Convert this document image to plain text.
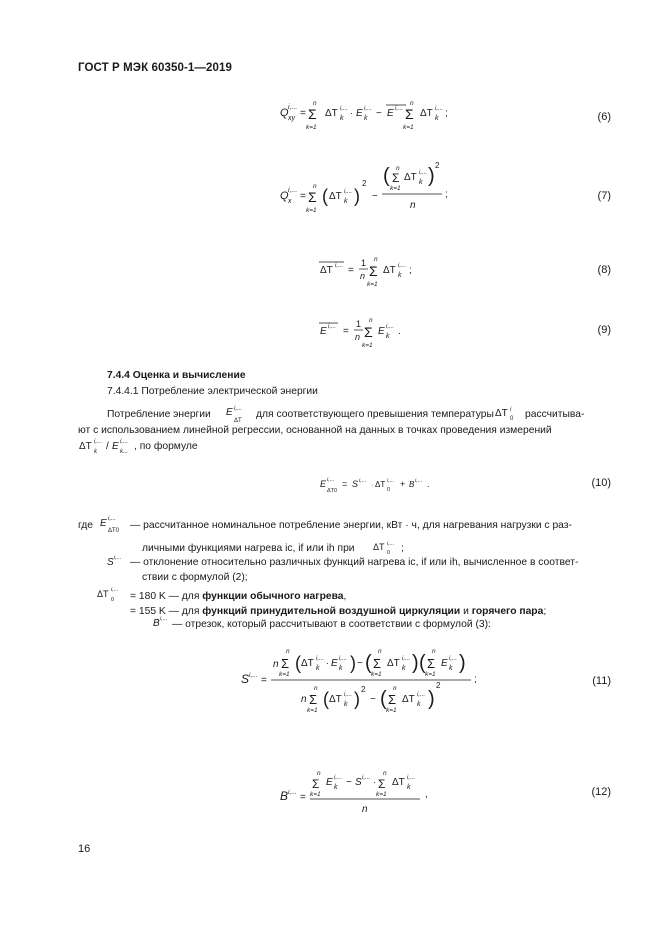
ГОСТ Р МЭК 60350-1—2019
Q xy
i,...
=
n
Σ
k=1
ΔT k
i,... · E k
i,... − E i,...
n
Σ
k=1
ΔT k
i,... ;	(6)
Q x
i,...
=
n
Σ
k=1
( ΔT k
i,... )
2
−
( n
Σ
k=1
ΔT k
i,... ) 2
n
;	(7)
ΔT i,... =
1
n
n
Σ
k=1
ΔT k
i,... ;	(8)
E i,... =
1
n
n
Σ
k=1
E k
i,... .	(9)
7.4.4 Оценка и вычисление
7.4.4.1 Потребление электрической энергии
Потребление энергии E i,...
ΔT
для соответствующего превышения температуры ΔT 0
i рассчитыва-
ют с использованием линейной регрессии, основанной на данных в точках проведения измерений
ΔT k
i,... / E k...
i,... , по формуле
E i,...
ΔT0
= S i,...
· ΔT
0
i,... + B i,... .	(10)
где E i,...
ΔT0 — рассчитанное номинальное потребление энергии, кВт · ч, для нагревания нагрузки с раз-
личными функциями нагрева ic, if или ih при ΔT
0
i,... ;
S i,... — отклонение относительно различных функций нагрева ic, if или ih, вычисленное в соответ-
ствии с формулой (2);
ΔT
0
i,...
= 180 K — для функции обычного нагрева,
= 155 K — для функций принудительной воздушной циркуляции и горячего пара;
B i,... — отрезок, который рассчитывают в соответствии с формулой (3):
S i,... =
n
n
Σ
k=1
( ΔT k
i,... · E k
i,... ) − (
n
Σ
k=1
ΔT k
i,... ) (
n
Σ
k=1
E k
i,... )
n
n
Σ
k=1
( ΔT k
i,... ) 2
− ( n
Σ
k=1
ΔT k
i,... )
2
;	(11)
B i,... =
n
Σ
k=1
E k
i,... − S i,... ·
n
Σ
k=1
ΔT k
i,...
n
,	(12)
16
